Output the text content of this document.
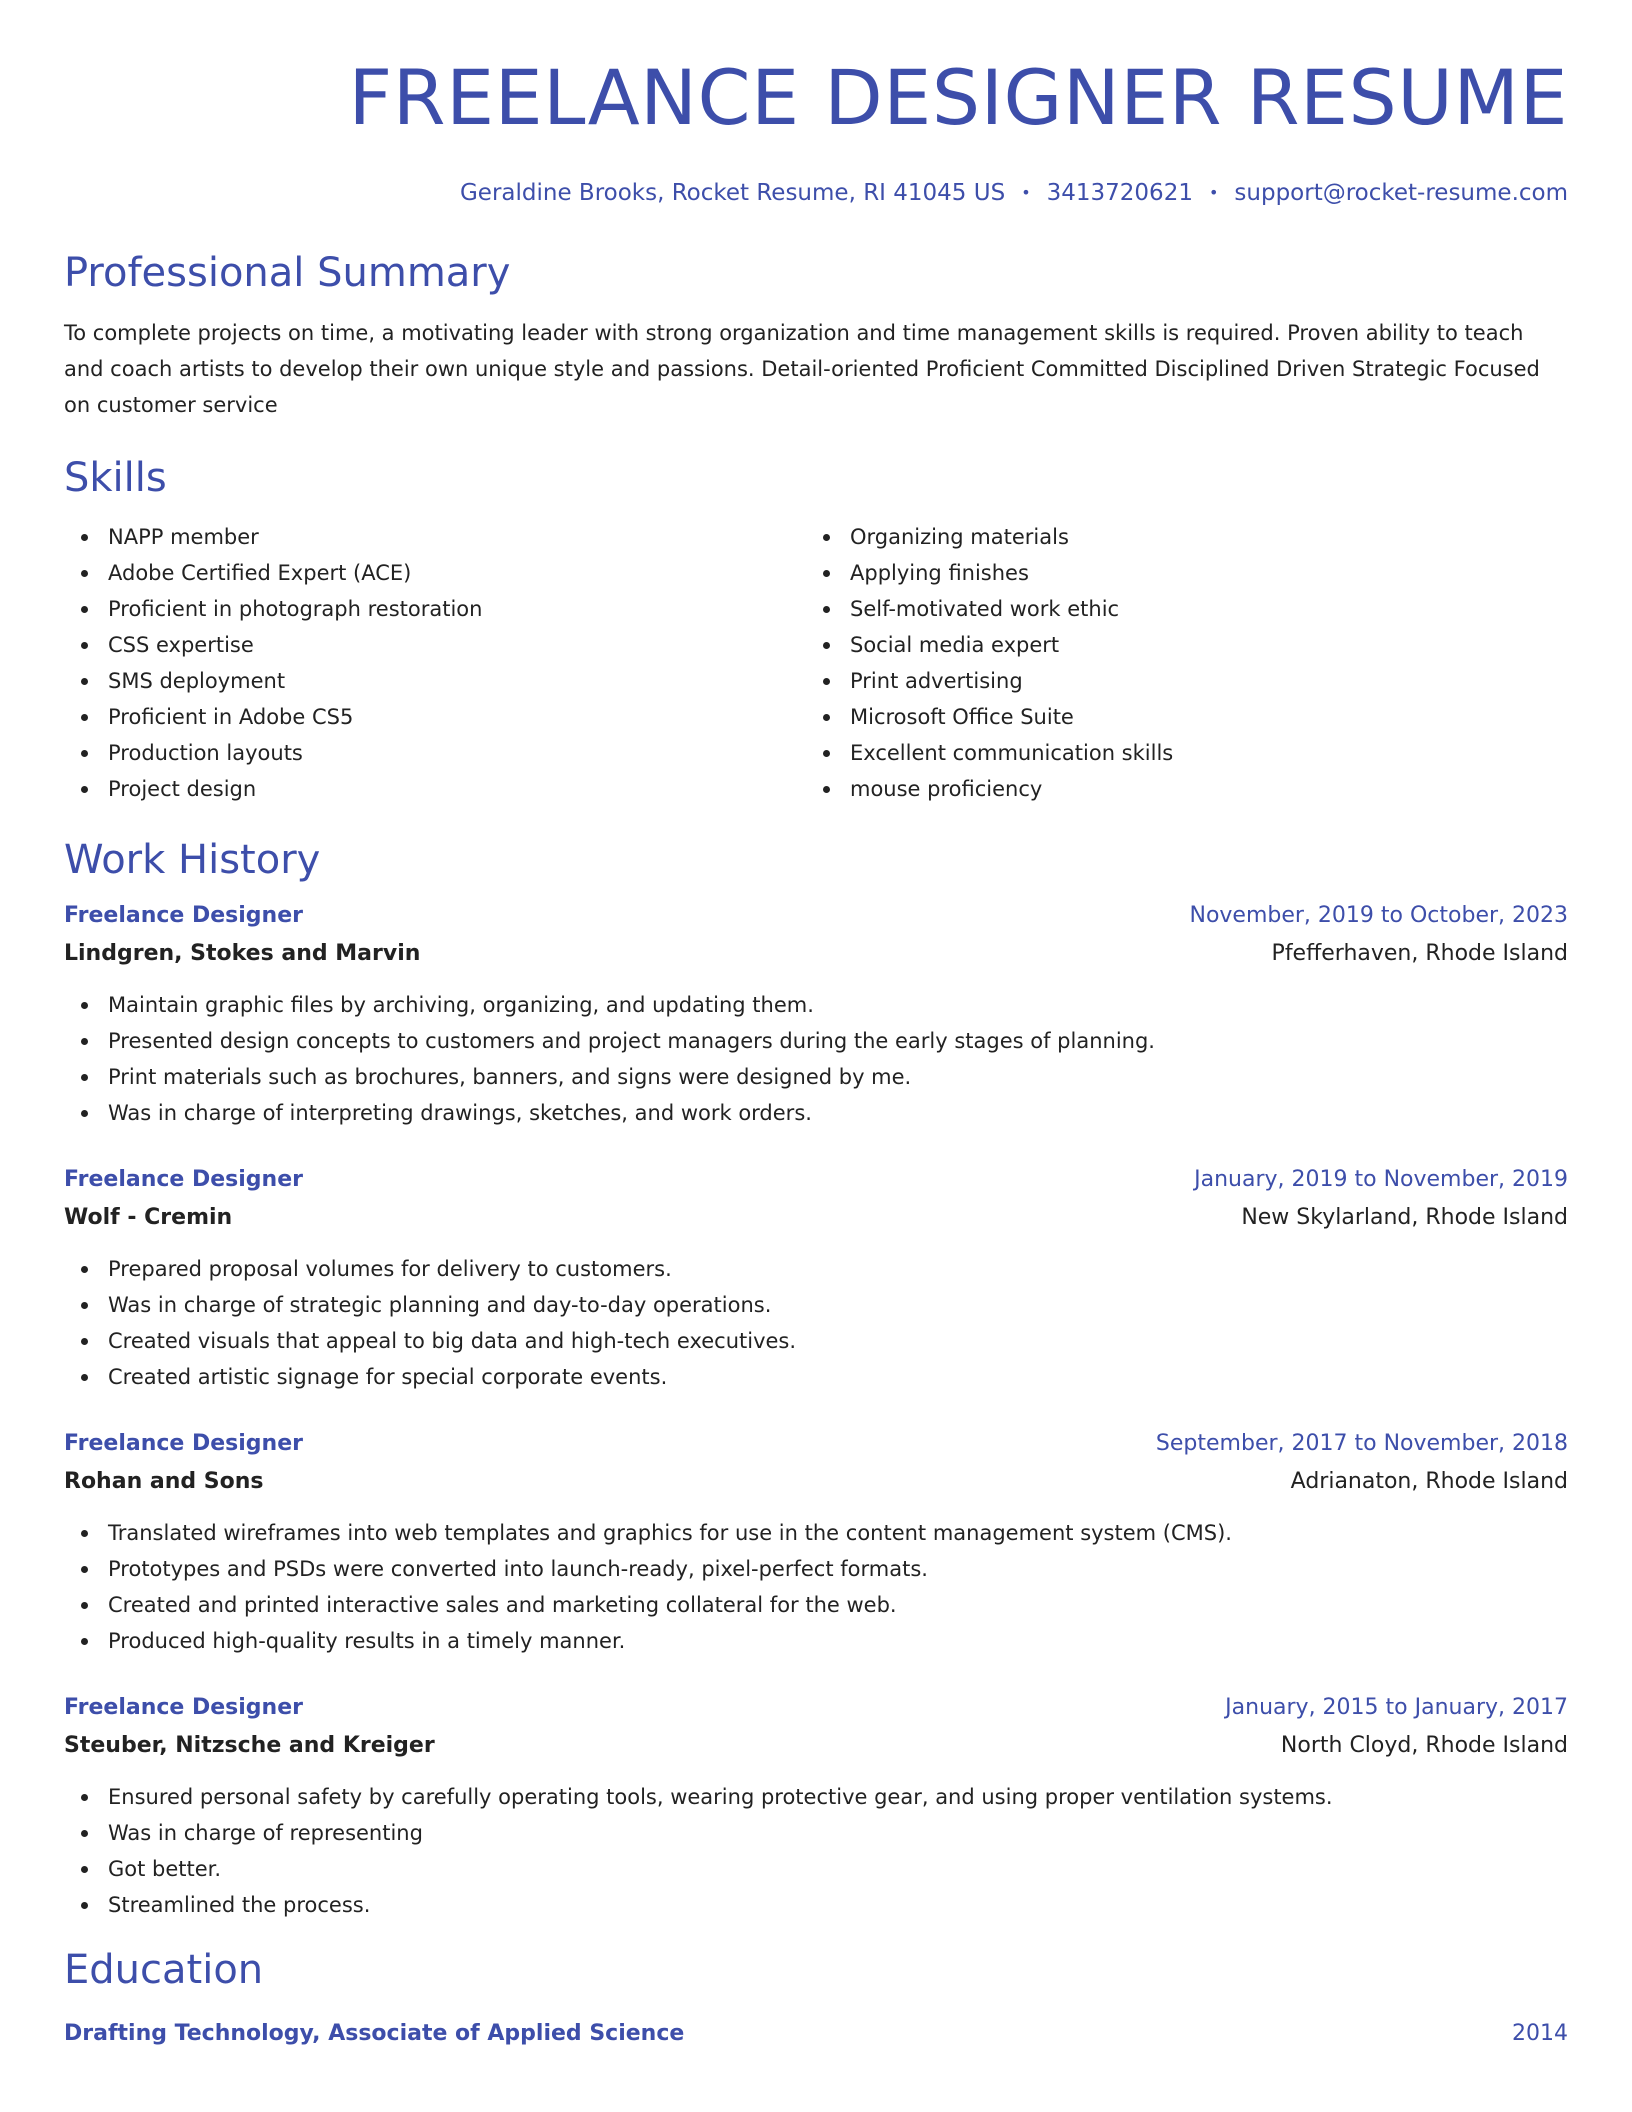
FREELANCE DESIGNER RESUME
Geraldine Brooks, Rocket Resume, RI 41045 US • 3413720621 • support@rocket-resume.com
Professional Summary
To complete projects on time, a motivating leader with strong organization and time management skills is required. Proven ability to teach and coach artists to develop their own unique style and passions. Detail-oriented Proficient Committed Disciplined Driven Strategic Focused on customer service
Skills
NAPP member
Adobe Certified Expert (ACE)
Proficient in photograph restoration
CSS expertise
SMS deployment
Proficient in Adobe CS5
Production layouts
Project design
Organizing materials
Applying finishes
Self-motivated work ethic
Social media expert
Print advertising
Microsoft Office Suite
Excellent communication skills
mouse proficiency
Work History
Freelance Designer	November, 2019 to October, 2023
Lindgren, Stokes and Marvin	Pfefferhaven, Rhode Island
Maintain graphic files by archiving, organizing, and updating them.
Presented design concepts to customers and project managers during the early stages of planning.
Print materials such as brochures, banners, and signs were designed by me.
Was in charge of interpreting drawings, sketches, and work orders.
Freelance Designer	January, 2019 to November, 2019
Wolf - Cremin	New Skylarland, Rhode Island
Prepared proposal volumes for delivery to customers.
Was in charge of strategic planning and day-to-day operations.
Created visuals that appeal to big data and high-tech executives.
Created artistic signage for special corporate events.
Freelance Designer	September, 2017 to November, 2018
Rohan and Sons	Adrianaton, Rhode Island
Translated wireframes into web templates and graphics for use in the content management system (CMS).
Prototypes and PSDs were converted into launch-ready, pixel-perfect formats.
Created and printed interactive sales and marketing collateral for the web.
Produced high-quality results in a timely manner.
Freelance Designer	January, 2015 to January, 2017
Steuber, Nitzsche and Kreiger	North Cloyd, Rhode Island
Ensured personal safety by carefully operating tools, wearing protective gear, and using proper ventilation systems.
Was in charge of representing
Got better.
Streamlined the process.
Education
Drafting Technology, Associate of Applied Science	2014
